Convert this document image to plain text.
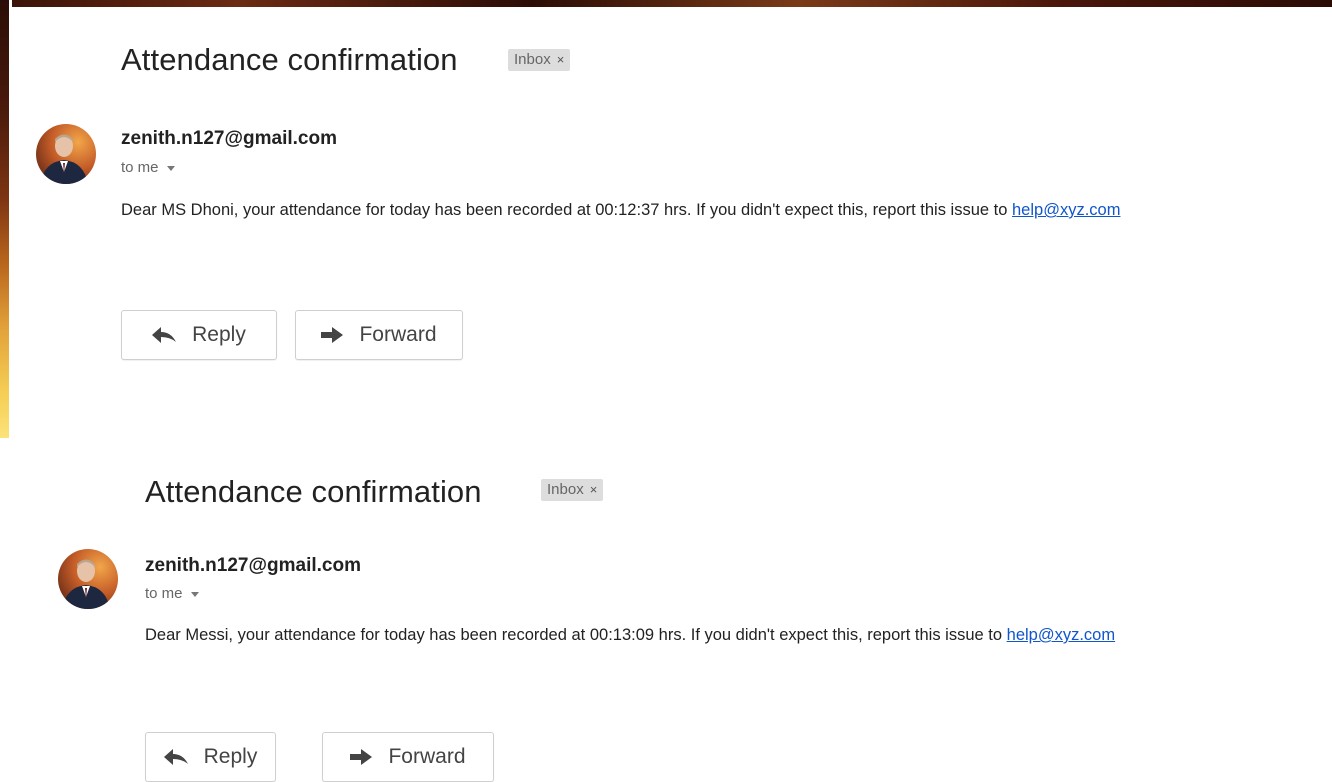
Attendance confirmation	Inbox ×
zenith.n127@gmail.com
to me
Dear MS Dhoni, your attendance for today has been recorded at 00:12:37 hrs. If you didn't expect this, report this issue to help@xyz.com
Reply	Forward
Attendance confirmation	Inbox ×
zenith.n127@gmail.com
to me
Dear Messi, your attendance for today has been recorded at 00:13:09 hrs. If you didn't expect this, report this issue to help@xyz.com
Reply	Forward
